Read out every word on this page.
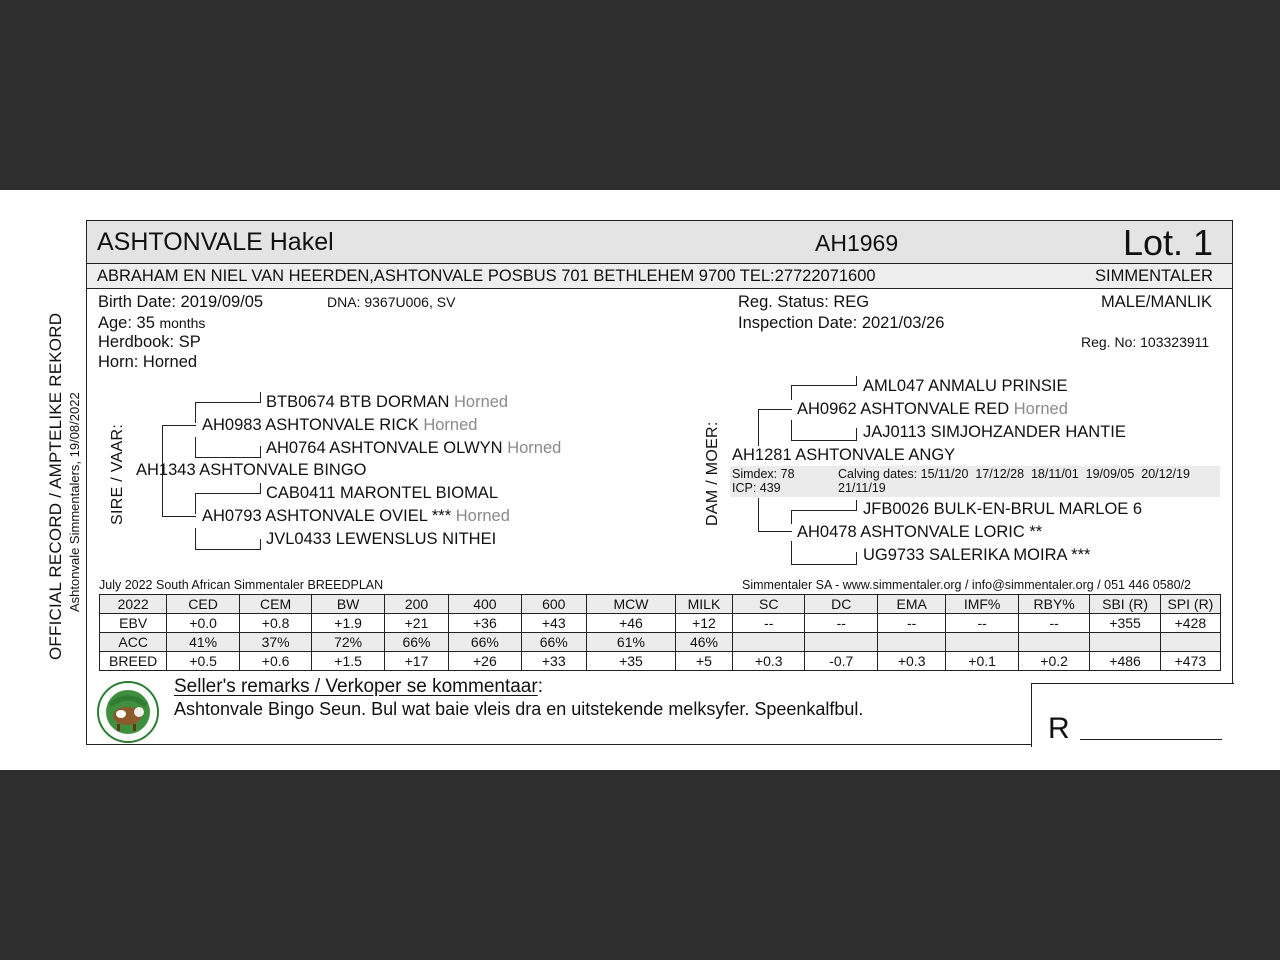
OFFICIAL RECORD / AMPTELIKE REKORD Ashtonvale Simmentalers, 19/08/2022
ASHTONVALE Hakel	AH1969	Lot. 1
ABRAHAM EN NIEL VAN HEERDEN,ASHTONVALE POSBUS 701 BETHLEHEM 9700 TEL:27722071600	SIMMENTALER
Birth Date: 2019/09/05	DNA: 9367U006, SV
Age: 35 months
Herdbook: SP
Horn: Horned
Reg. Status: REG
Inspection Date: 2021/03/26
MALE/MANLIK
Reg. No: 103323911
SIRE / VAAR:
BTB0674 BTB DORMAN Horned
AH0983 ASHTONVALE RICK Horned
AH0764 ASHTONVALE OLWYN Horned
AH1343 ASHTONVALE BINGO
CAB0411 MARONTEL BIOMAL
AH0793 ASHTONVALE OVIEL *** Horned
JVL0433 LEWENSLUS NITHEI
DAM / MOER:
AML047 ANMALU PRINSIE
AH0962 ASHTONVALE RED Horned
JAJ0113 SIMJOHZANDER HANTIE
AH1281 ASHTONVALE ANGY
Simdex: 78
ICP: 439
Calving dates: 15/11/20  17/12/28  18/11/01  19/09/05  20/12/19
21/11/19
JFB0026 BULK-EN-BRUL MARLOE 6
AH0478 ASHTONVALE LORIC **
UG9733 SALERIKA MOIRA ***
July 2022 South African Simmentaler BREEDPLAN	Simmentaler SA - www.simmentaler.org / info@simmentaler.org / 051 446 0580/2
2022	CED	CEM	BW	200	400	600	MCW	MILK	SC	DC	EMA	IMF%	RBY%	SBI (R)	SPI (R)
EBV	+0.0	+0.8	+1.9	+21	+36	+43	+46	+12	--	--	--	--	--	+355	+428
ACC	41%	37%	72%	66%	66%	66%	61%	46%							
BREED	+0.5	+0.6	+1.5	+17	+26	+33	+35	+5	+0.3	-0.7	+0.3	+0.1	+0.2	+486	+473
Seller's remarks / Verkoper se kommentaar:
Ashtonvale Bingo Seun. Bul wat baie vleis dra en uitstekende melksyfer. Speenkalfbul.
R
